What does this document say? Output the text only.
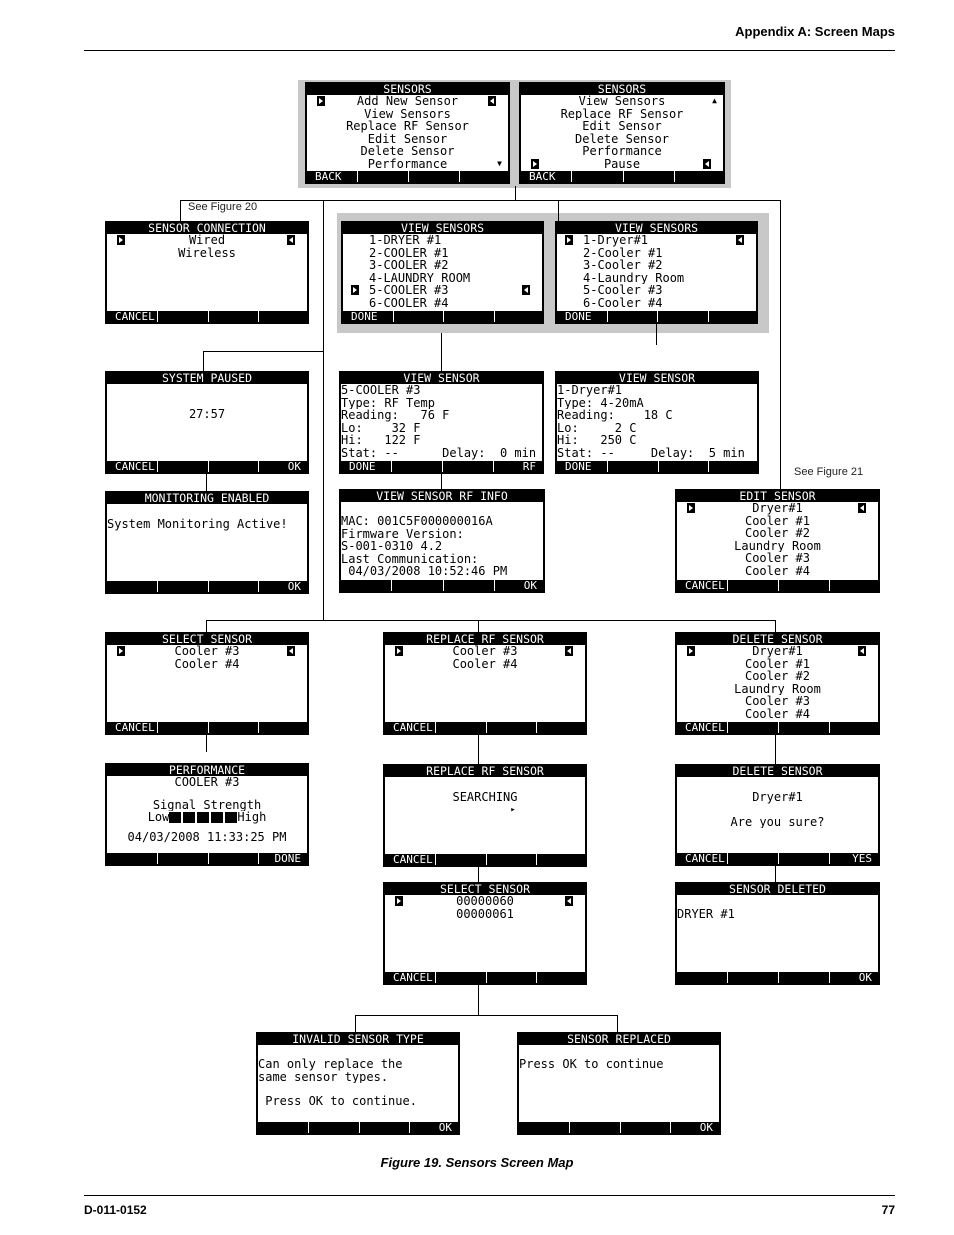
Appendix A: Screen Maps
See Figure 20
See Figure 21
SENSORS
Add New Sensor
View Sensors
Replace RF Sensor
Edit Sensor
Delete Sensor
Performance	▼
BACK
SENSORS
View Sensors	▲
Replace RF Sensor
Edit Sensor
Delete Sensor
Performance
Pause
BACK
SENSOR CONNECTION
Wired
Wireless
CANCEL
VIEW SENSORS
1-DRYER #1
2-COOLER #1
3-COOLER #2
4-LAUNDRY ROOM
5-COOLER #3
6-COOLER #4
DONE
VIEW SENSORS
1-Dryer#1
2-Cooler #1
3-Cooler #2
4-Laundry Room
5-Cooler #3
6-Cooler #4
DONE
SYSTEM PAUSED
27:57
CANCEL	OK
VIEW SENSOR
5-COOLER #3
Type: RF Temp
Reading:   76 F
Lo:    32 F
Hi:   122 F
Stat: --      Delay:  0 min
DONE	RF
VIEW SENSOR
1-Dryer#1
Type: 4-20mA
Reading:    18 C
Lo:     2 C
Hi:   250 C
Stat: --     Delay:  5 min
DONE
MONITORING ENABLED
System Monitoring Active!
OK
VIEW SENSOR RF INFO
MAC: 001C5F000000016A
Firmware Version:
S-001-0310 4.2
Last Communication:
04/03/2008 10:52:46 PM
OK
EDIT SENSOR
Dryer#1
Cooler #1
Cooler #2
Laundry Room
Cooler #3
Cooler #4
CANCEL
SELECT SENSOR
Cooler #3
Cooler #4
CANCEL
REPLACE RF SENSOR
Cooler #3
Cooler #4
CANCEL
DELETE SENSOR
Dryer#1
Cooler #1
Cooler #2
Laundry Room
Cooler #3
Cooler #4
CANCEL
PERFORMANCE
COOLER #3
Signal Strength
Low	High
04/03/2008 11:33:25 PM
DONE
REPLACE RF SENSOR
SEARCHING
▸
CANCEL
DELETE SENSOR
Dryer#1
Are you sure?
CANCEL	YES
SELECT SENSOR
00000060
00000061
CANCEL
SENSOR DELETED
DRYER #1
OK
INVALID SENSOR TYPE
Can only replace the
same sensor types.
Press OK to continue.
OK
SENSOR REPLACED
Press OK to continue
OK
Figure 19. Sensors Screen Map
D-011-0152	77
